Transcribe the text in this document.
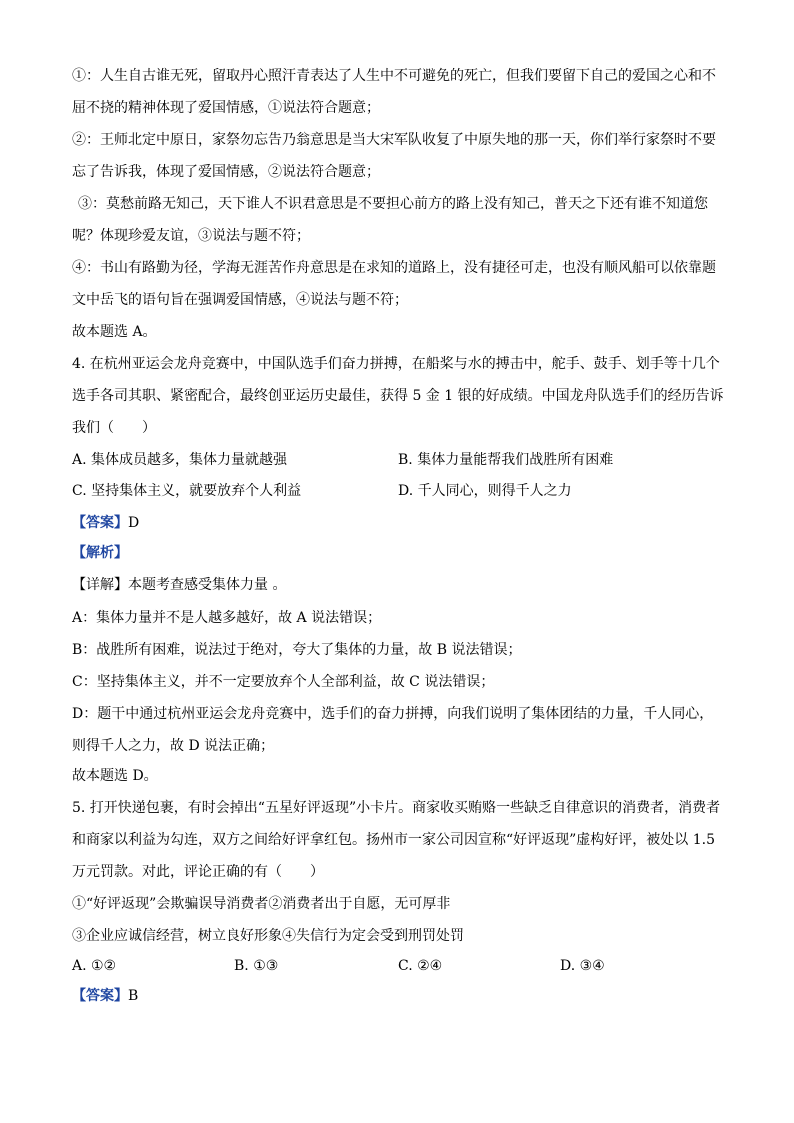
①：人生自古谁无死，留取丹心照汗青表达了人生中不可避免的死亡，但我们要留下自己的爱国之心和不
屈不挠的精神体现了爱国情感，①说法符合题意；
②：王师北定中原日，家祭勿忘告乃翁意思是当大宋军队收复了中原失地的那一天，你们举行家祭时不要
忘了告诉我，体现了爱国情感，②说法符合题意；
③：莫愁前路无知己，天下谁人不识君意思是不要担心前方的路上没有知己，普天之下还有谁不知道您
呢？体现珍爱友谊，③说法与题不符；
④：书山有路勤为径，学海无涯苦作舟意思是在求知的道路上，没有捷径可走，也没有顺风船可以依靠题
文中岳飞的语句旨在强调爱国情感，④说法与题不符；
故本题选 A。
4. 在杭州亚运会龙舟竞赛中，中国队选手们奋力拼搏，在船桨与水的搏击中，舵手、鼓手、划手等十几个
选手各司其职、紧密配合，最终创亚运历史最佳，获得 5 金 1 银的好成绩。中国龙舟队选手们的经历告诉
我们（　　）
A. 集体成员越多，集体力量就越强	B. 集体力量能帮我们战胜所有困难
C. 坚持集体主义，就要放弃个人利益	D. 千人同心，则得千人之力
【答案】D
【解析】
【详解】本题考查感受集体力量 。
A：集体力量并不是人越多越好，故 A 说法错误；
B：战胜所有困难，说法过于绝对，夸大了集体的力量，故 B 说法错误；
C：坚持集体主义，并不一定要放弃个人全部利益，故 C 说法错误；
D：题干中通过杭州亚运会龙舟竞赛中，选手们的奋力拼搏，向我们说明了集体团结的力量，千人同心，
则得千人之力，故 D 说法正确；
故本题选 D。
5. 打开快递包裹，有时会掉出“五星好评返现”小卡片。商家收买贿赂一些缺乏自律意识的消费者，消费者
和商家以利益为勾连，双方之间给好评拿红包。扬州市一家公司因宣称“好评返现”虚构好评，被处以 1.5
万元罚款。对此，评论正确的有（　　）
①“好评返现”会欺骗误导消费者②消费者出于自愿，无可厚非
③企业应诚信经营，树立良好形象④失信行为定会受到刑罚处罚
A. ①②	B. ①③	C. ②④	D. ③④
【答案】B
